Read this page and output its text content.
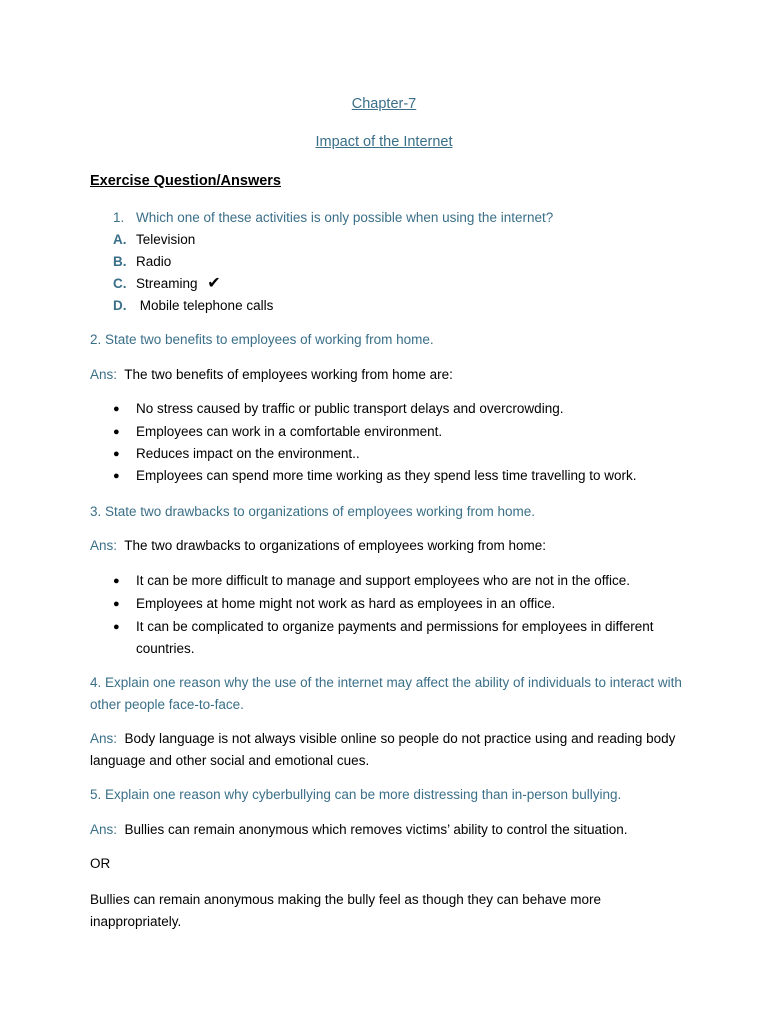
Chapter-7
Impact of the Internet
Exercise Question/Answers
1. Which one of these activities is only possible when using the internet?
A. Television
B. Radio
C. Streaming ✔
D. Mobile telephone calls
2. State two benefits to employees of working from home.
Ans: The two benefits of employees working from home are:
● No stress caused by traffic or public transport delays and overcrowding.
● Employees can work in a comfortable environment.
● Reduces impact on the environment..
● Employees can spend more time working as they spend less time travelling to work.
3. State two drawbacks to organizations of employees working from home.
Ans: The two drawbacks to organizations of employees working from home:
● It can be more difficult to manage and support employees who are not in the office.
● Employees at home might not work as hard as employees in an office.
● It can be complicated to organize payments and permissions for employees in different countries.
4. Explain one reason why the use of the internet may affect the ability of individuals to interact with other people face-to-face.
Ans: Body language is not always visible online so people do not practice using and reading body language and other social and emotional cues.
5. Explain one reason why cyberbullying can be more distressing than in-person bullying.
Ans: Bullies can remain anonymous which removes victims’ ability to control the situation.
OR
Bullies can remain anonymous making the bully feel as though they can behave more inappropriately.
